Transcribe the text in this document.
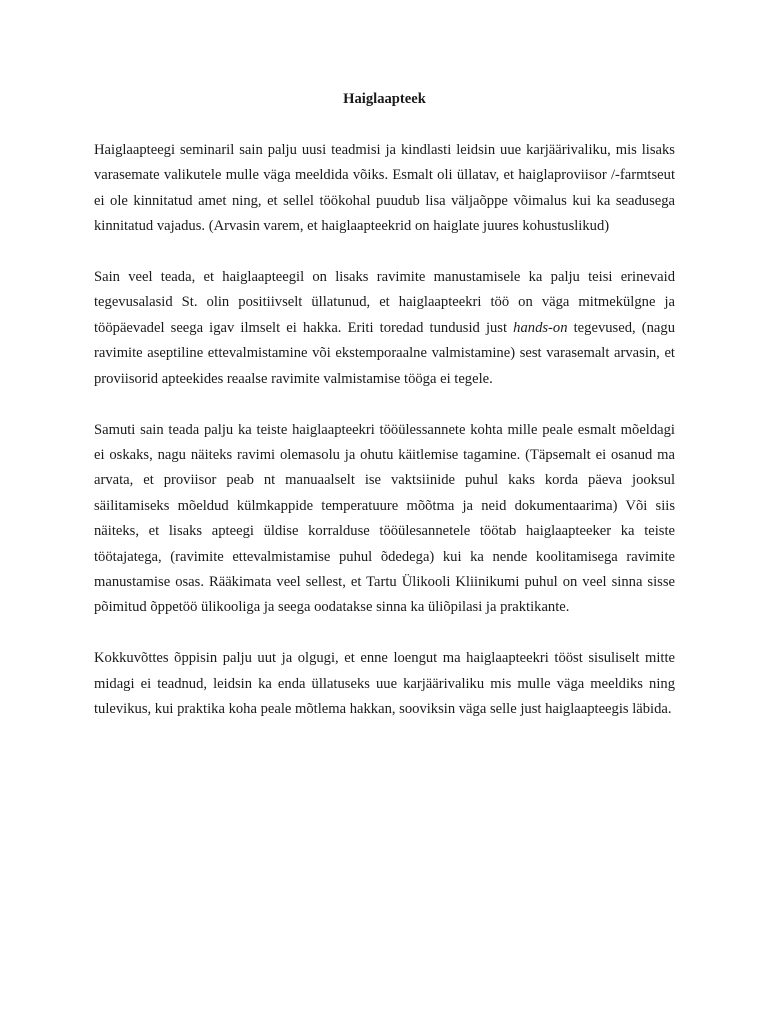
Haiglaapteek

Haiglaapteegi seminaril sain palju uusi teadmisi ja kindlasti leidsin uue karjäärivaliku, mis lisaks varasemate valikutele mulle väga meeldida võiks. Esmalt oli üllatav, et haiglaproviisor /-farmtseut ei ole kinnitatud amet ning, et sellel töökohal puudub lisa väljaõppe võimalus kui ka seadusega kinnitatud vajadus. (Arvasin varem, et haiglaapteekrid on haiglate juures kohustuslikud)

Sain veel teada, et haiglaapteegil on lisaks ravimite manustamisele ka palju teisi erinevaid tegevusalasid St. olin positiivselt üllatunud, et haiglaapteekri töö on väga mitmekülgne ja tööpäevadel seega igav ilmselt ei hakka. Eriti toredad tundusid just hands-on tegevused, (nagu ravimite aseptiline ettevalmistamine või ekstemporaalne valmistamine) sest varasemalt arvasin, et proviisorid apteekides reaalse ravimite valmistamise tööga ei tegele.

Samuti sain teada palju ka teiste haiglaapteekri tööülessannete kohta mille peale esmalt mõeldagi ei oskaks, nagu näiteks ravimi olemasolu ja ohutu käitlemise tagamine. (Täpsemalt ei osanud ma arvata, et proviisor peab nt manuaalselt ise vaktsiinide puhul kaks korda päeva jooksul säilitamiseks mõeldud külmkappide temperatuure mõõtma ja neid dokumentaarima) Või siis näiteks, et lisaks apteegi üldise korralduse tööülesannetele töötab haiglaapteeker ka teiste töötajatega, (ravimite ettevalmistamise puhul õdedega) kui ka nende koolitamisega ravimite manustamise osas. Rääkimata veel sellest, et Tartu Ülikooli Kliinikumi puhul on veel sinna sisse põimitud õppetöö ülikooliga ja seega oodatakse sinna ka üliõpilasi ja praktikante.

Kokkuvõttes õppisin palju uut ja olgugi, et enne loengut ma haiglaapteekri tööst sisuliselt mitte midagi ei teadnud, leidsin ka enda üllatuseks uue karjäärivaliku mis mulle väga meeldiks ning tulevikus, kui praktika koha peale mõtlema hakkan, sooviksin väga selle just haiglaapteegis läbida.
